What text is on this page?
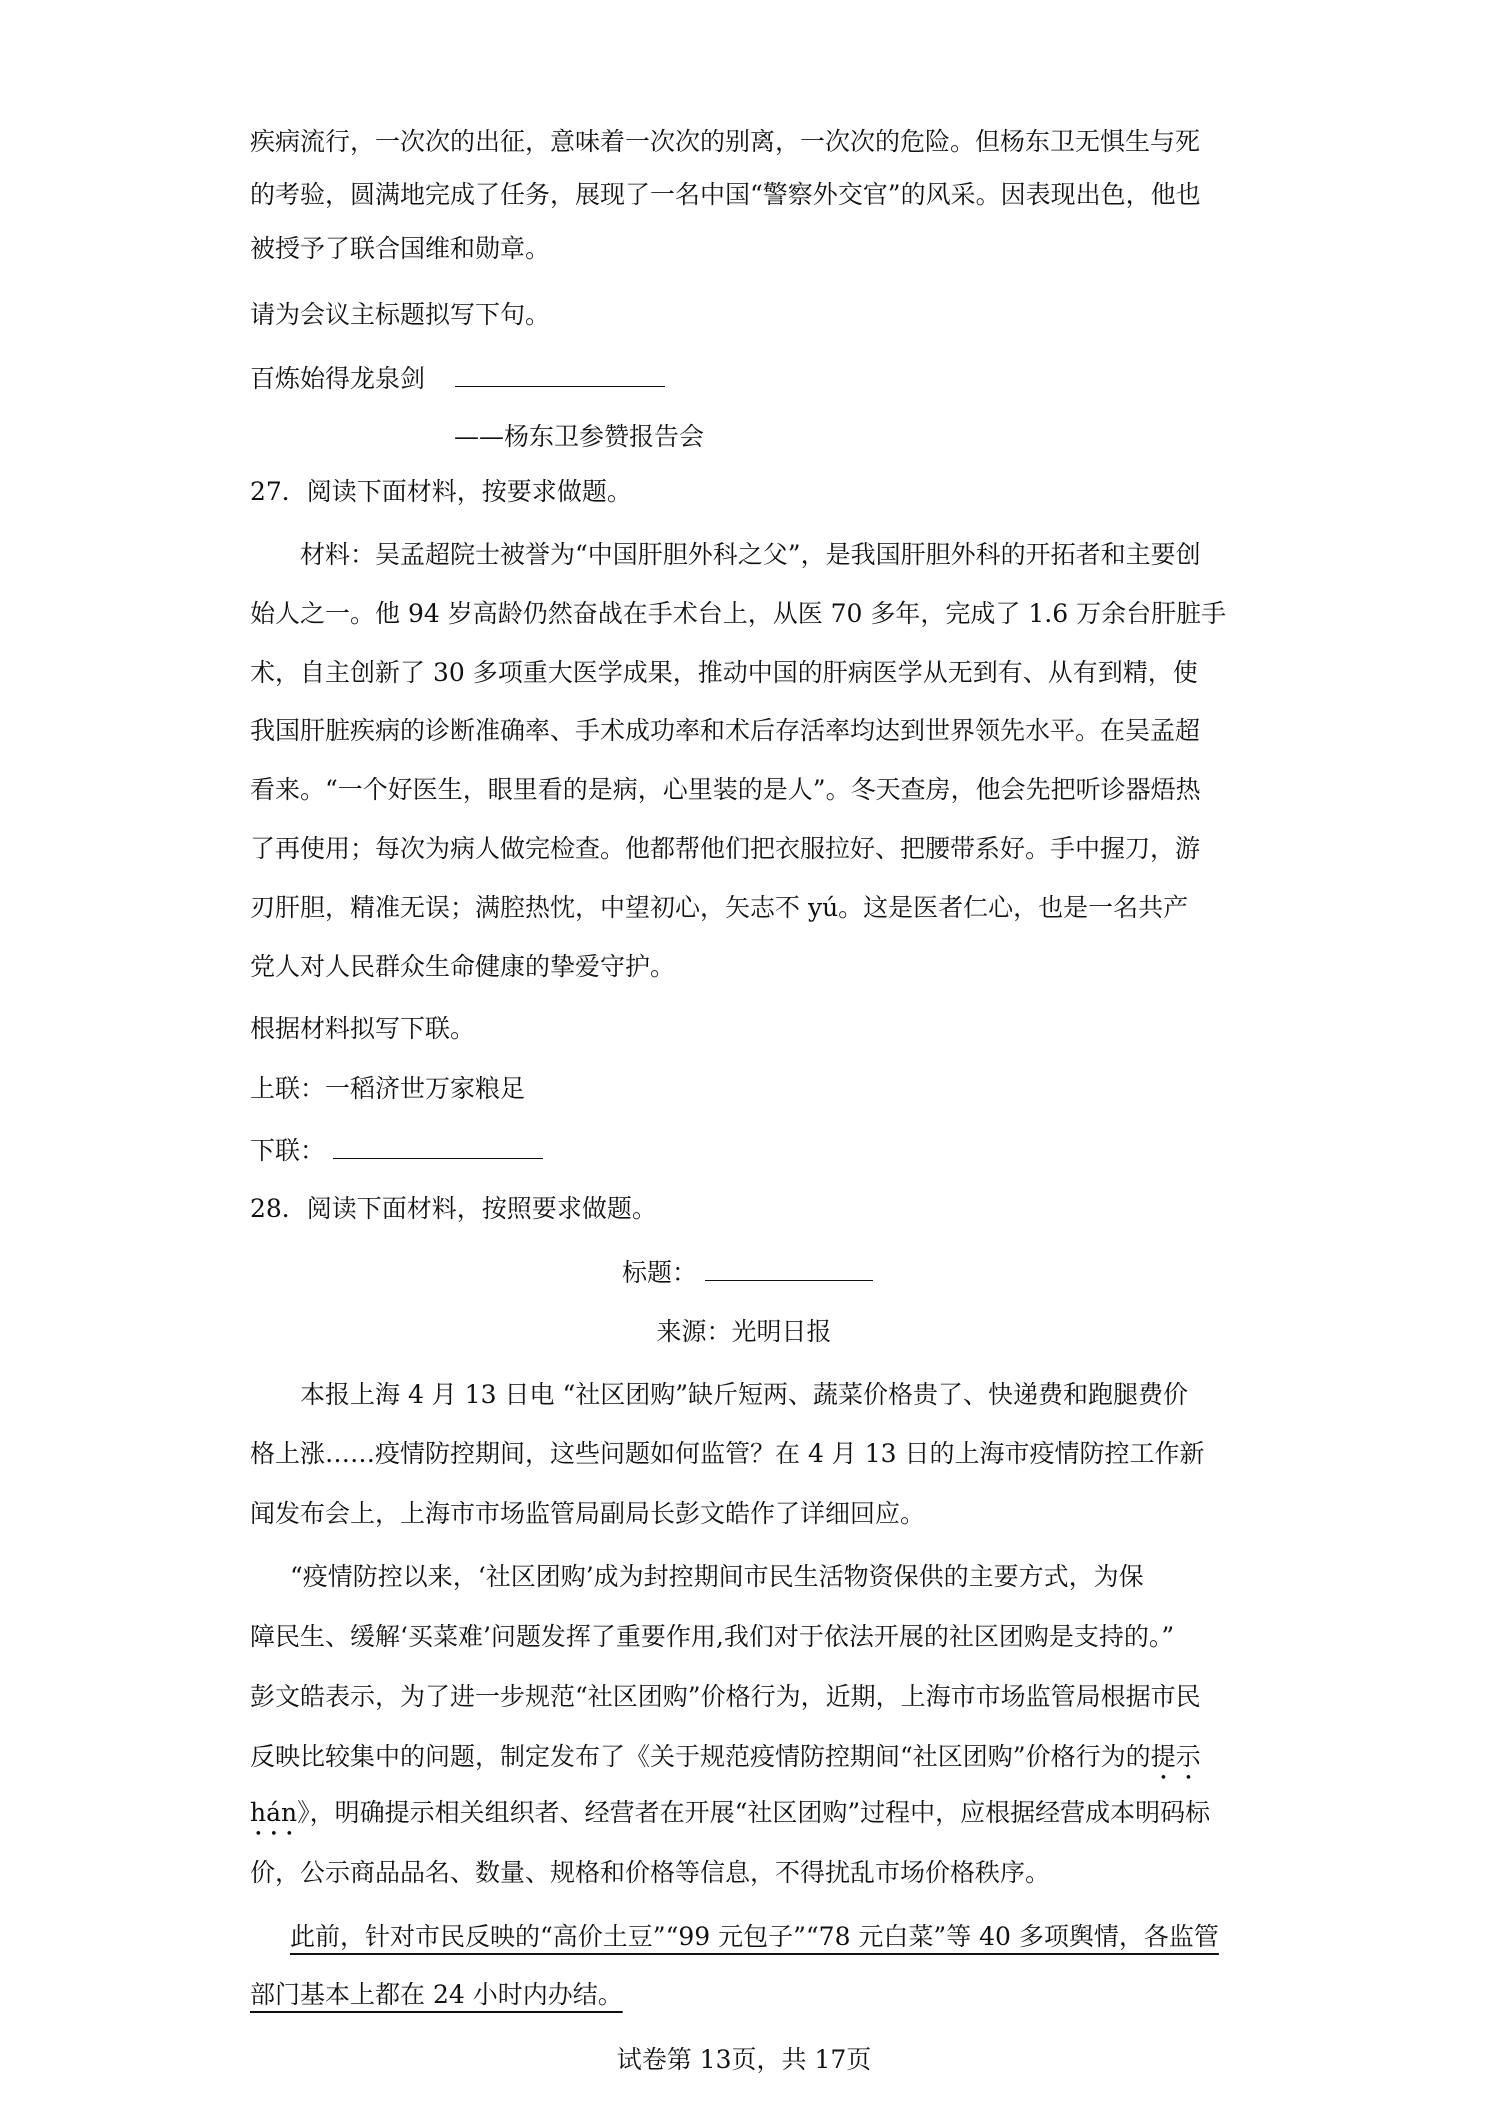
疾病流行，一次次的出征，意味着一次次的别离，一次次的危险。但杨东卫无惧生与死
的考验，圆满地完成了任务，展现了一名中国“警察外交官”的风采。因表现出色，他也
被授予了联合国维和勋章。
请为会议主标题拟写下句。
百炼始得龙泉剑
——杨东卫参赞报告会
27．阅读下面材料，按要求做题。
材料：吴孟超院士被誉为“中国肝胆外科之父”，是我国肝胆外科的开拓者和主要创
始人之一。他 94 岁高龄仍然奋战在手术台上，从医 70 多年，完成了 1.6 万余台肝脏手
术，自主创新了 30 多项重大医学成果，推动中国的肝病医学从无到有、从有到精，使
我国肝脏疾病的诊断准确率、手术成功率和术后存活率均达到世界领先水平。在吴孟超
看来。“一个好医生，眼里看的是病，心里装的是人”。冬天查房，他会先把听诊器焐热
了再使用；每次为病人做完检查。他都帮他们把衣服拉好、把腰带系好。手中握刀，游
刃肝胆，精准无误；满腔热忱，中望初心，矢志不 yú。这是医者仁心，也是一名共产
党人对人民群众生命健康的挚爱守护。
根据材料拟写下联。
上联：一稻济世万家粮足
下联：
28．阅读下面材料，按照要求做题。
标题：
来源：光明日报
本报上海 4 月 13 日电 “社区团购”缺斤短两、蔬菜价格贵了、快递费和跑腿费价
格上涨……疫情防控期间，这些问题如何监管？在 4 月 13 日的上海市疫情防控工作新
闻发布会上，上海市市场监管局副局长彭文皓作了详细回应。
“疫情防控以来，‘社区团购’成为封控期间市民生活物资保供的主要方式，为保
障民生、缓解‘买菜难’问题发挥了重要作用,我们对于依法开展的社区团购是支持的。”
彭文皓表示，为了进一步规范“社区团购”价格行为，近期，上海市市场监管局根据市民
反映比较集中的问题，制定发布了《关于规范疫情防控期间“社区团购”价格行为的提示
hán》，明确提示相关组织者、经营者在开展“社区团购”过程中，应根据经营成本明码标
价，公示商品品名、数量、规格和价格等信息，不得扰乱市场价格秩序。
此前，针对市民反映的“高价土豆”“99 元包子”“78 元白菜”等 40 多项舆情，各监管
部门基本上都在 24 小时内办结。
试卷第 13页，共 17页
